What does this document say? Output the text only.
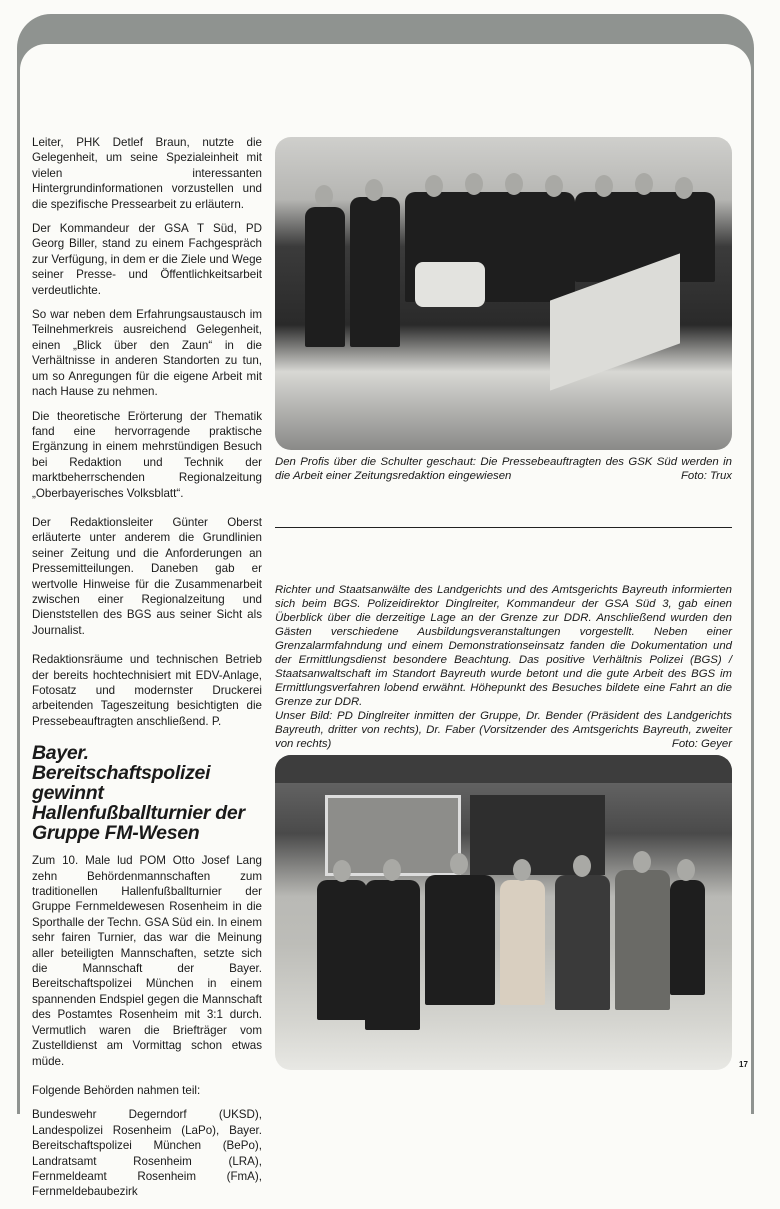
Leiter, PHK Detlef Braun, nutzte die Gelegenheit, um seine Spezialeinheit mit vielen interessanten Hintergrundinformationen vorzustellen und die spezifische Pressearbeit zu erläutern.

Der Kommandeur der GSA T Süd, PD Georg Biller, stand zu einem Fachgespräch zur Verfügung, in dem er die Ziele und Wege seiner Presse- und Öffentlichkeitsarbeit verdeutlichte.

So war neben dem Erfahrungsaustausch im Teilnehmerkreis ausreichend Gelegenheit, einen „Blick über den Zaun“ in die Verhältnisse in anderen Standorten zu tun, um so Anregungen für die eigene Arbeit mit nach Hause zu nehmen.

Die theoretische Erörterung der Thematik fand eine hervorragende praktische Ergänzung in einem mehrstündigen Besuch bei Redaktion und Technik der marktbeherrschenden Regionalzeitung „Oberbayerisches Volksblatt“.

Der Redaktionsleiter Günter Oberst erläuterte unter anderem die Grundlinien seiner Zeitung und die Anforderungen an Pressemitteilungen. Daneben gab er wertvolle Hinweise für die Zusammenarbeit zwischen einer Regionalzeitung und Dienststellen des BGS aus seiner Sicht als Journalist.

Redaktionsräume und technischen Betrieb der bereits hochtechnisiert mit EDV-Anlage, Fotosatz und modernster Druckerei arbeitenden Tageszeitung besichtigten die Pressebeauftragten anschließend. P.

Bayer. Bereitschaftspolizei gewinnt Hallenfußballturnier der Gruppe FM-Wesen

Zum 10. Male lud POM Otto Josef Lang zehn Behördenmannschaften zum traditionellen Hallenfußballturnier der Gruppe Fernmeldewesen Rosenheim in die Sporthalle der Techn. GSA Süd ein. In einem sehr fairen Turnier, das war die Meinung aller beteiligten Mannschaften, setzte sich die Mannschaft der Bayer. Bereitschaftspolizei München in einem spannenden Endspiel gegen die Mannschaft des Postamtes Rosenheim mit 3:1 durch. Vermutlich waren die Briefträger vom Zustelldienst am Vormittag schon etwas müde.

Folgende Behörden nahmen teil:

Bundeswehr Degerndorf (UKSD), Landespolizei Rosenheim (LaPo), Bayer. Bereitschaftspolizei München (BePo), Landratsamt Rosenheim (LRA), Fernmeldeamt Rosenheim (FmA), Fernmeldebaubezirk

Den Profis über die Schulter geschaut: Die Pressebeauftragten des GSK Süd werden in die Arbeit einer Zeitungsredaktion eingewiesen	Foto: Trux
Richter und Staatsanwälte des Landgerichts und des Amtsgerichts Bayreuth informierten sich beim BGS. Polizeidirektor Dinglreiter, Kommandeur der GSA Süd 3, gab einen Überblick über die derzeitige Lage an der Grenze zur DDR. Anschließend wurden den Gästen verschiedene Ausbildungsveranstaltungen vorgestellt. Neben einer Grenzalarmfahndung und einem Demonstrationseinsatz fanden die Dokumentation und der Ermittlungsdienst besondere Beachtung. Das positive Verhältnis Polizei (BGS) / Staatsanwaltschaft im Standort Bayreuth wurde betont und die gute Arbeit des BGS im Ermittlungsverfahren lobend erwähnt. Höhepunkt des Besuches bildete eine Fahrt an die Grenze zur DDR.
Unser Bild: PD Dinglreiter inmitten der Gruppe, Dr. Bender (Präsident des Landgerichts Bayreuth, dritter von rechts), Dr. Faber (Vorsitzender des Amtsgerichts Bayreuth, zweiter von rechts)	Foto: Geyer
17
